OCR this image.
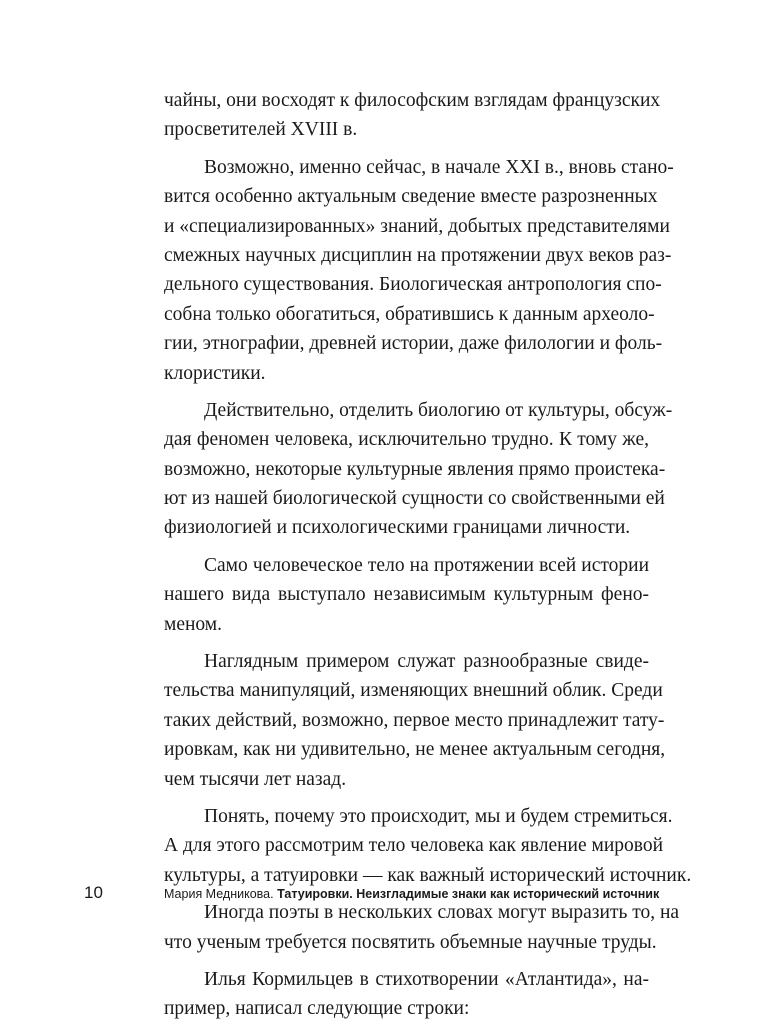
чайны, они восходят к философским взглядам французских
просветителей XVIII в.
Возможно, именно сейчас, в начале XXI в., вновь стано-
вится особенно актуальным сведение вместе разрозненных
и «специализированных» знаний, добытых представителями
смежных научных дисциплин на протяжении двух веков раз-
дельного существования. Биологическая антропология спо-
собна только обогатиться, обратившись к данным археоло-
гии, этнографии, древней истории, даже филологии и фоль-
клористики.
Действительно, отделить биологию от культуры, обсуж-
дая феномен человека, исключительно трудно. К тому же,
возможно, некоторые культурные явления прямо проистека-
ют из нашей биологической сущности со свойственными ей
физиологией и психологическими границами личности.
Само человеческое тело на протяжении всей истории
нашего вида выступало независимым культурным фено-
меном.
Наглядным примером служат разнообразные свиде-
тельства манипуляций, изменяющих внешний облик. Среди
таких действий, возможно, первое место принадлежит тату-
ировкам, как ни удивительно, не менее актуальным сегодня,
чем тысячи лет назад.
Понять, почему это происходит, мы и будем стремиться.
А для этого рассмотрим тело человека как явление мировой
культуры, а татуировки — как важный исторический источник.
Иногда поэты в нескольких словах могут выразить то, на
что ученым требуется посвятить объемные научные труды.
Илья Кормильцев в стихотворении «Атлантида», на-
пример, написал следующие строки:
10	Мария Медникова. Татуировки. Неизгладимые знаки как исторический источник
